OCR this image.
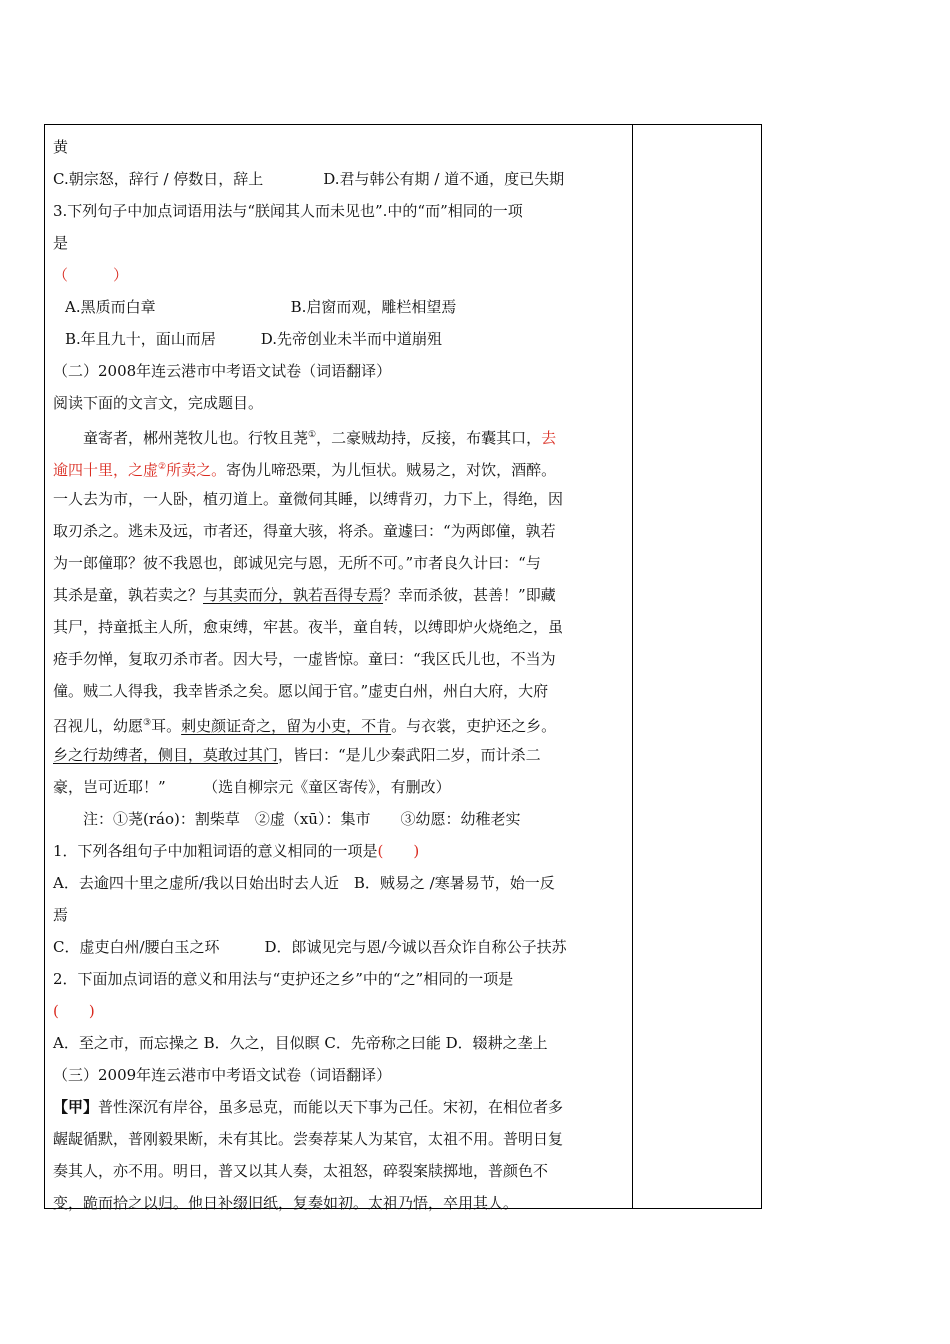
黄
C.朝宗怒，辞行 / 停数日，辞上　　　　D.君与韩公有期 / 道不通，度已失期
3.下列句子中加点词语用法与“朕闻其人而未见也”.中的“而”相同的一项
是
（　　　）
A.黑质而白章　　　　　　　　　B.启窗而观，雕栏相望焉
B.年且九十，面山而居　　　D.先帝创业未半而中道崩殂
（二）2008年连云港市中考语文试卷（词语翻译）
阅读下面的文言文，完成题目。
童寄者，郴州荛牧儿也。行牧且荛①，二豪贼劫持，反接，布囊其口，去
逾四十里，之虚②所卖之。寄伪儿啼恐栗，为儿恒状。贼易之，对饮，酒醉。
一人去为市，一人卧，植刃道上。童微伺其睡，以缚背刃，力下上，得绝，因
取刃杀之。逃未及远，市者还，得童大骇，将杀。童遽曰：“为两郎僮，孰若
为一郎僮耶？彼不我恩也，郎诚见完与恩，无所不可。”市者良久计曰：“与
其杀是童，孰若卖之？与其卖而分，孰若吾得专焉？幸而杀彼，甚善！”即藏
其尸，持童抵主人所，愈束缚，牢甚。夜半，童自转，以缚即炉火烧绝之，虽
疮手勿惮，复取刃杀市者。因大号，一虚皆惊。童曰：“我区氏儿也，不当为
僮。贼二人得我，我幸皆杀之矣。愿以闻于官。”虚吏白州，州白大府，大府
召视儿，幼愿③耳。刺史颜证奇之，留为小吏，不肯。与衣裳，吏护还之乡。
乡之行劫缚者，侧目，莫敢过其门，皆曰：“是儿少秦武阳二岁，而计杀二
豪，岂可近耶！”　　　（选自柳宗元《童区寄传》，有删改）
注：①荛(ráo)：割柴草　②虚（xū）：集市　　③幼愿：幼稚老实
1．下列各组句子中加粗词语的意义相同的一项是(　　)
A．去逾四十里之虚所/我以日始出时去人近　B．贼易之 /寒暑易节，始一反
焉
C．虚吏白州/腰白玉之环　　　D．郎诚见完与恩/今诚以吾众诈自称公子扶苏
2．下面加点词语的意义和用法与“吏护还之乡”中的“之”相同的一项是
(　　)
A．至之市，而忘操之 B．久之，目似瞑 C．先帝称之曰能 D．辍耕之垄上
（三）2009年连云港市中考语文试卷（词语翻译）
【甲】普性深沉有岸谷，虽多忌克，而能以天下事为己任。宋初，在相位者多
龌龊循默，普刚毅果断，未有其比。尝奏荐某人为某官，太祖不用。普明日复
奏其人，亦不用。明日，普又以其人奏，太祖怒，碎裂案牍掷地，普颜色不
变，跪而拾之以归。他日补缀旧纸，复奏如初。太祖乃悟，卒用其人。
